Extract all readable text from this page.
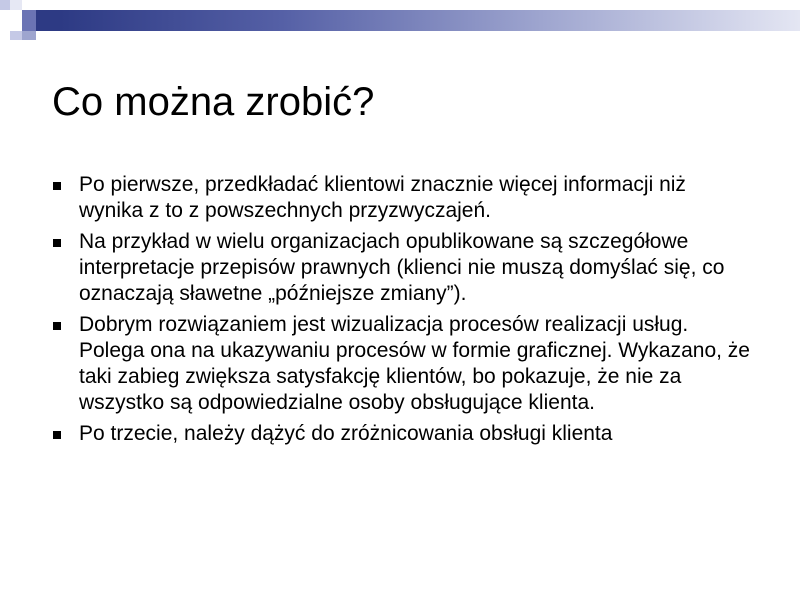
Co można zrobić?
Po pierwsze, przedkładać klientowi znacznie więcej informacji niż wynika z to z powszechnych przyzwyczajeń.
Na przykład w wielu organizacjach opublikowane są szczegółowe interpretacje przepisów prawnych (klienci nie muszą domyślać się, co oznaczają sławetne „późniejsze zmiany”).
Dobrym rozwiązaniem jest wizualizacja procesów realizacji usług. Polega ona na ukazywaniu procesów w formie graficznej. Wykazano, że taki zabieg zwiększa satysfakcję klientów, bo pokazuje, że nie za wszystko są odpowiedzialne osoby obsługujące klienta.
Po trzecie, należy dążyć do zróżnicowania obsługi klienta
